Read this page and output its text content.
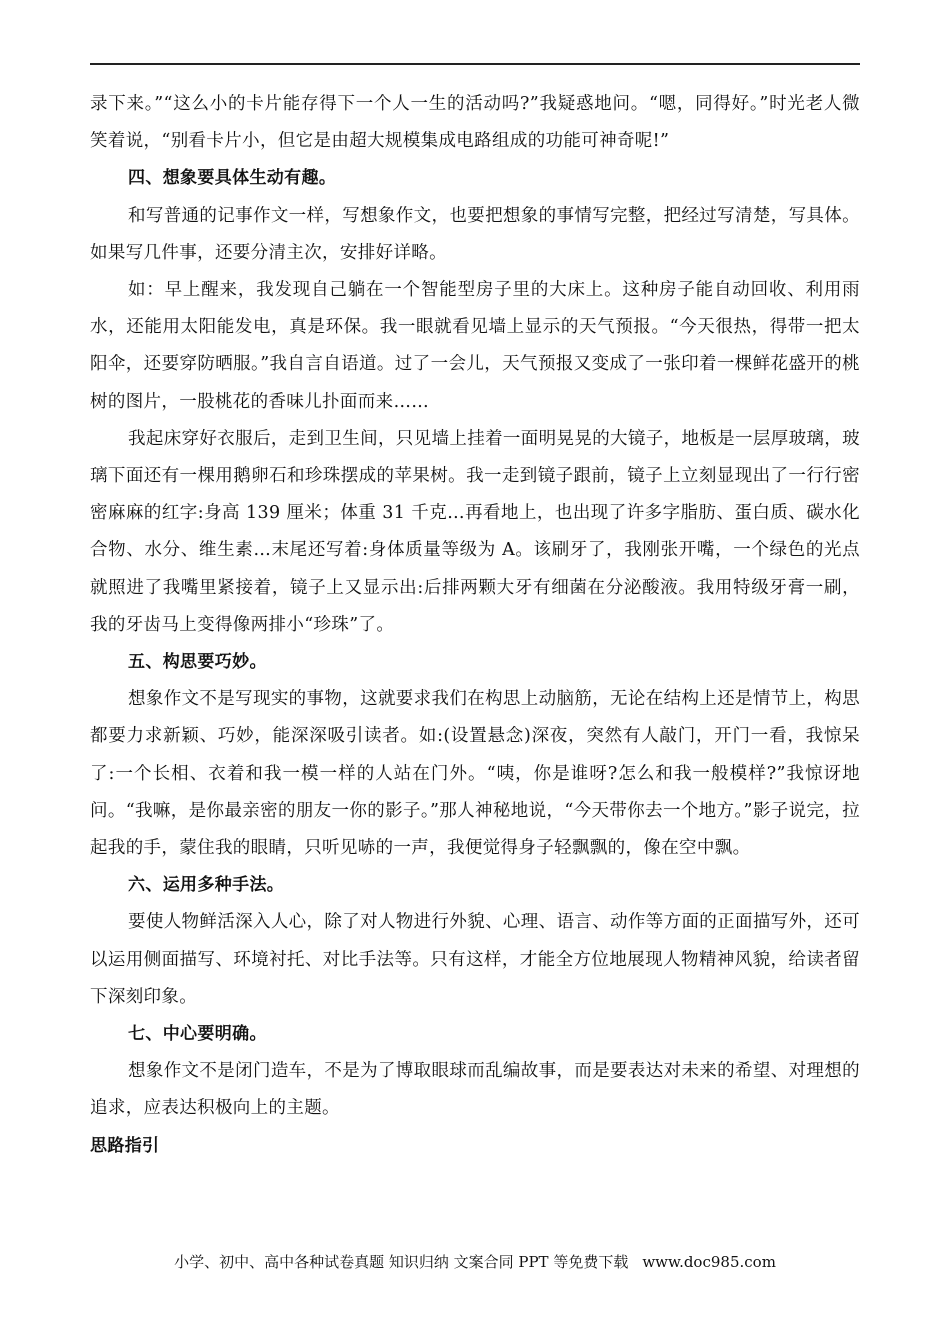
录下来。”“这么小的卡片能存得下一个人一生的活动吗?”我疑惑地问。“嗯，同得好。”时光老人微笑着说，“别看卡片小，但它是由超大规模集成电路组成的功能可神奇呢!”

四、想象要具体生动有趣。

和写普通的记事作文一样，写想象作文，也要把想象的事情写完整，把经过写清楚，写具体。如果写几件事，还要分清主次，安排好详略。

如：早上醒来，我发现自己躺在一个智能型房子里的大床上。这种房子能自动回收、利用雨水，还能用太阳能发电，真是环保。我一眼就看见墙上显示的天气预报。“今天很热，得带一把太阳伞，还要穿防晒服。”我自言自语道。过了一会儿，天气预报又变成了一张印着一棵鲜花盛开的桃树的图片，一股桃花的香味儿扑面而来……

我起床穿好衣服后，走到卫生间，只见墙上挂着一面明晃晃的大镜子，地板是一层厚玻璃，玻璃下面还有一棵用鹅卵石和珍珠摆成的苹果树。我一走到镜子跟前，镜子上立刻显现出了一行行密密麻麻的红字:身高 139 厘米；体重 31 千克…再看地上，也出现了许多字脂肪、蛋白质、碳水化合物、水分、维生素…末尾还写着:身体质量等级为 A。该刷牙了，我刚张开嘴，一个绿色的光点就照进了我嘴里紧接着，镜子上又显示出:后排两颗大牙有细菌在分泌酸液。我用特级牙膏一刷，我的牙齿马上变得像两排小“珍珠”了。

五、构思要巧妙。

想象作文不是写现实的事物，这就要求我们在构思上动脑筋，无论在结构上还是情节上，构思都要力求新颖、巧妙，能深深吸引读者。如:(设置悬念)深夜，突然有人敲门，开门一看，我惊呆了:一个长相、衣着和我一模一样的人站在门外。“咦，你是谁呀?怎么和我一般模样?”我惊讶地问。“我嘛，是你最亲密的朋友一你的影子。”那人神秘地说，“今天带你去一个地方。”影子说完，拉起我的手，蒙住我的眼睛，只听见哧的一声，我便觉得身子轻飘飘的，像在空中飘。

六、运用多种手法。

要使人物鲜活深入人心，除了对人物进行外貌、心理、语言、动作等方面的正面描写外，还可以运用侧面描写、环境衬托、对比手法等。只有这样，才能全方位地展现人物精神风貌，给读者留下深刻印象。

七、中心要明确。

想象作文不是闭门造车，不是为了博取眼球而乱编故事，而是要表达对未来的希望、对理想的追求，应表达积极向上的主题。

思路指引

小学、初中、高中各种试卷真题 知识归纳 文案合同 PPT 等免费下载 www.doc985.com
